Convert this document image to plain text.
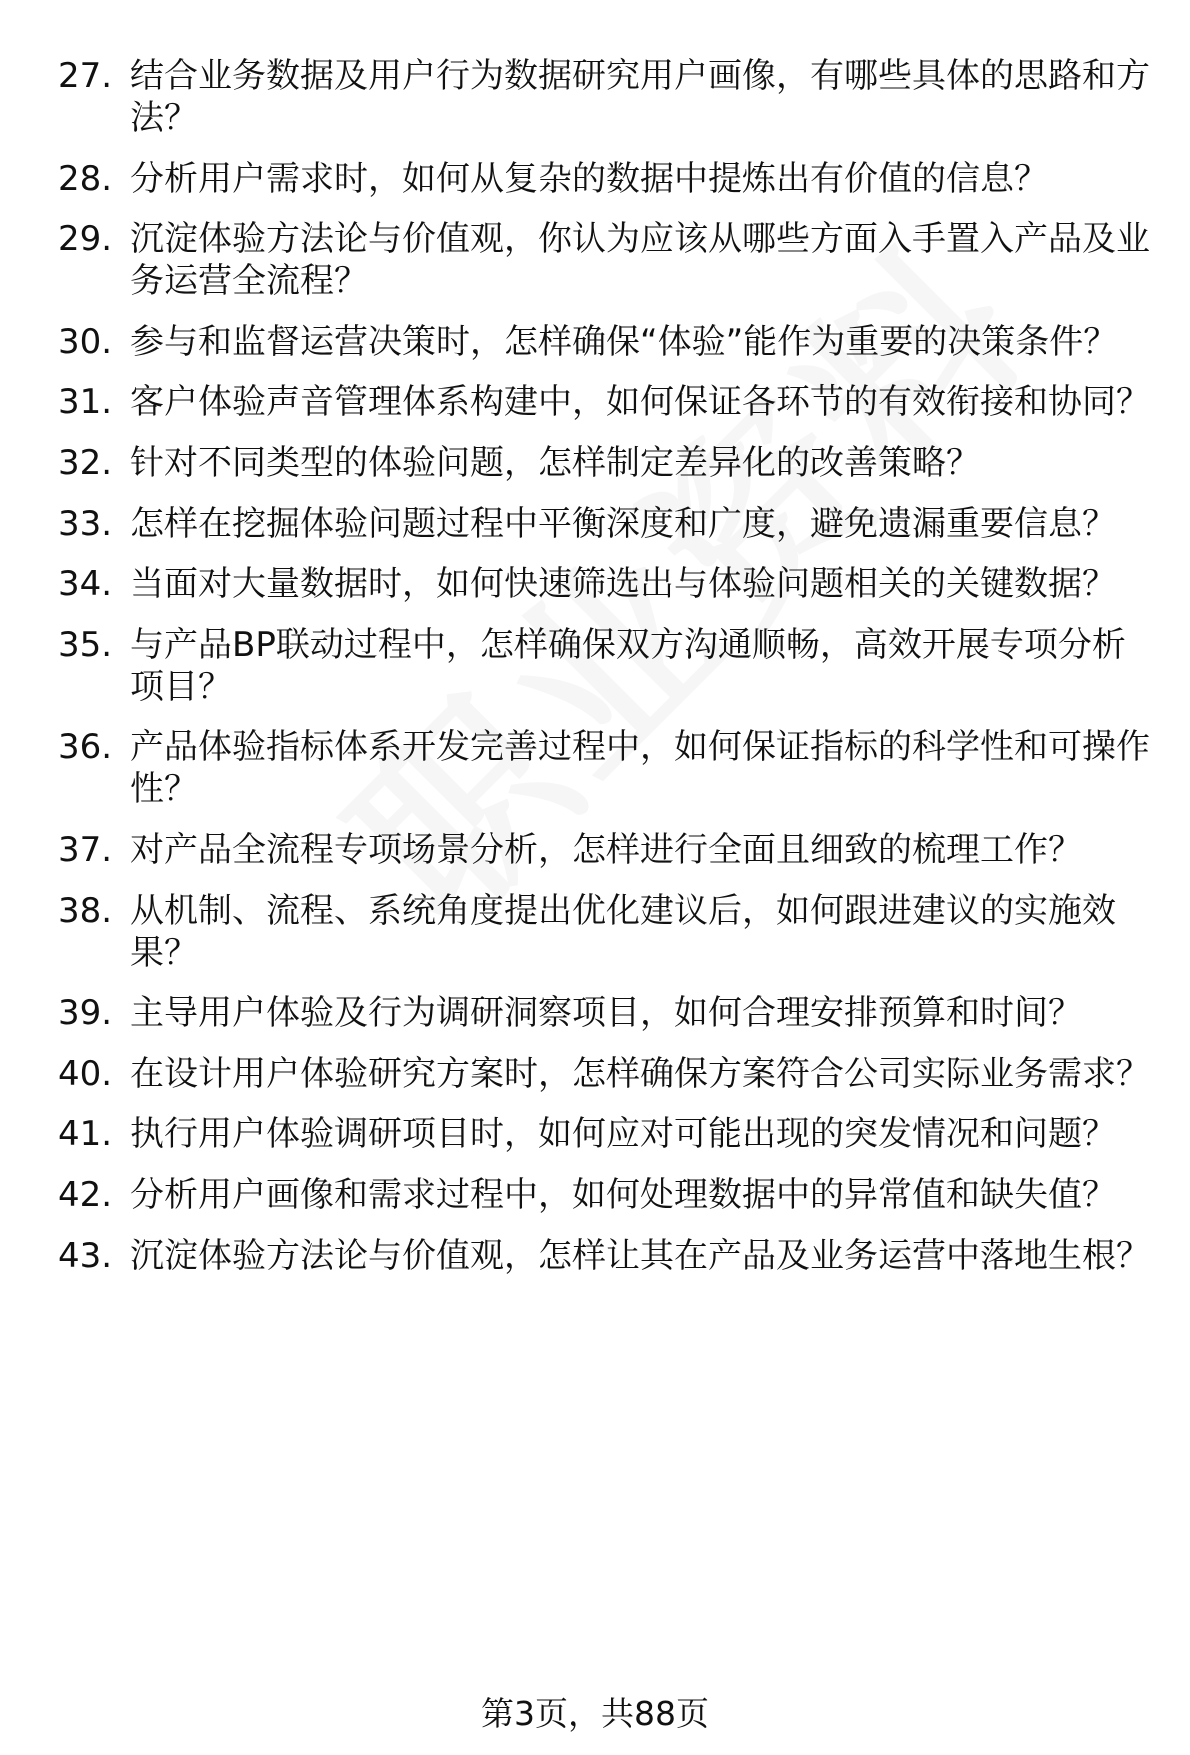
27. 结合业务数据及用户行为数据研究用户画像，有哪些具体的思路和方法？
28. 分析用户需求时，如何从复杂的数据中提炼出有价值的信息？
29. 沉淀体验方法论与价值观，你认为应该从哪些方面入手置入产品及业务运营全流程？
30. 参与和监督运营决策时，怎样确保“体验”能作为重要的决策条件？
31. 客户体验声音管理体系构建中，如何保证各环节的有效衔接和协同？
32. 针对不同类型的体验问题，怎样制定差异化的改善策略？
33. 怎样在挖掘体验问题过程中平衡深度和广度，避免遗漏重要信息？
34. 当面对大量数据时，如何快速筛选出与体验问题相关的关键数据？
35. 与产品BP联动过程中，怎样确保双方沟通顺畅，高效开展专项分析项目？
36. 产品体验指标体系开发完善过程中，如何保证指标的科学性和可操作性？
37. 对产品全流程专项场景分析，怎样进行全面且细致的梳理工作？
38. 从机制、流程、系统角度提出优化建议后，如何跟进建议的实施效果？
39. 主导用户体验及行为调研洞察项目，如何合理安排预算和时间？
40. 在设计用户体验研究方案时，怎样确保方案符合公司实际业务需求？
41. 执行用户体验调研项目时，如何应对可能出现的突发情况和问题？
42. 分析用户画像和需求过程中，如何处理数据中的异常值和缺失值？
43. 沉淀体验方法论与价值观，怎样让其在产品及业务运营中落地生根？
第3页，共88页
